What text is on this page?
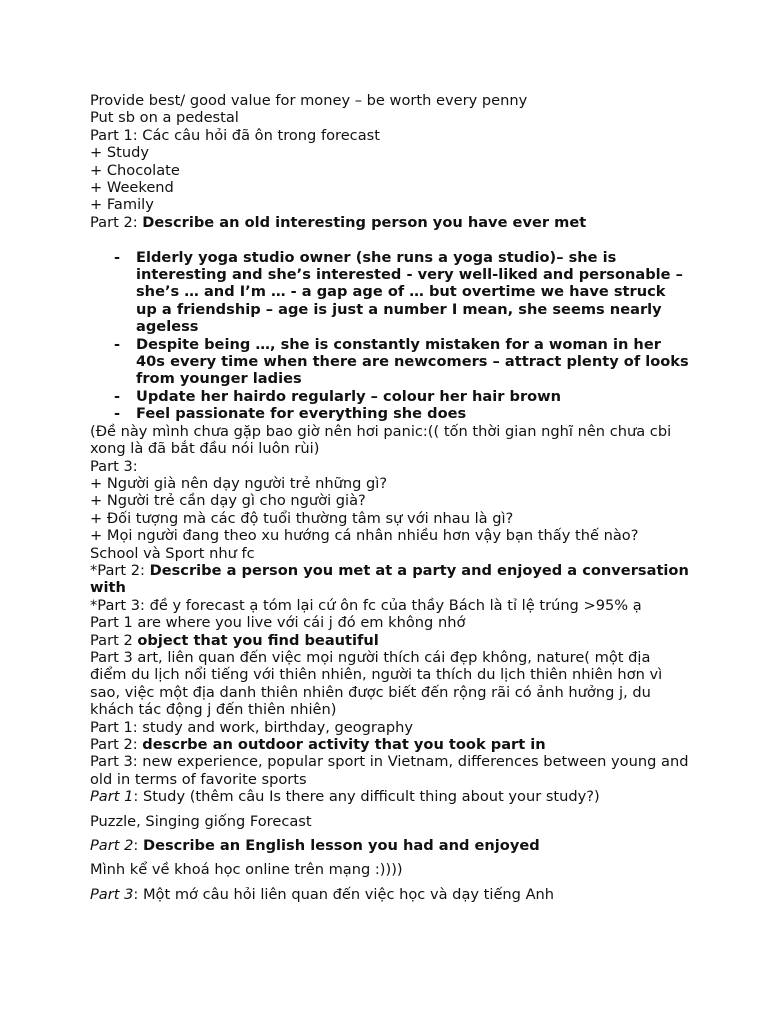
Provide best/ good value for money – be worth every penny
Put sb on a pedestal
Part 1: Các câu hỏi đã ôn trong forecast
+ Study
+ Chocolate
+ Weekend
+ Family
Part 2: Describe an old interesting person you have ever met
- Elderly yoga studio owner (she runs a yoga studio)– she is interesting and she’s interested - very well-liked and personable – she’s … and I’m … - a gap age of … but overtime we have struck up a friendship – age is just a number I mean, she seems nearly ageless
- Despite being …, she is constantly mistaken for a woman in her 40s every time when there are newcomers – attract plenty of looks from younger ladies
- Update her hairdo regularly – colour her hair brown
- Feel passionate for everything she does
(Đề này mình chưa gặp bao giờ nên hơi panic:(( tốn thời gian nghĩ nên chưa cbi xong là đã bắt đầu nói luôn rùi)
Part 3:
+ Người già nên dạy người trẻ những gì?
+ Người trẻ cần dạy gì cho người già?
+ Đối tượng mà các độ tuổi thường tâm sự với nhau là gì?
+ Mọi người đang theo xu hướng cá nhân nhiều hơn vậy bạn thấy thế nào?
School và Sport như fc
*Part 2: Describe a person you met at a party and enjoyed a conversation with
*Part 3: đề y forecast ạ tóm lại cứ ôn fc của thầy Bách là tỉ lệ trúng >95% ạ
Part 1 are where you live với cái j đó em không nhớ
Part 2 object that you find beautiful
Part 3 art, liên quan đến việc mọi người thích cái đẹp không, nature( một địa điểm du lịch nổi tiếng với thiên nhiên, người ta thích du lịch thiên nhiên hơn vì sao, việc một địa danh thiên nhiên được biết đến rộng rãi có ảnh hưởng j, du khách tác động j đến thiên nhiên)
Part 1: study and work, birthday, geography
Part 2: descrbe an outdoor activity that you took part in
Part 3: new experience, popular sport in Vietnam, differences between young and old in terms of favorite sports
Part 1: Study (thêm câu Is there any difficult thing about your study?)
Puzzle, Singing giống Forecast
Part 2: Describe an English lesson you had and enjoyed
Mình kể về khoá học online trên mạng :))))
Part 3: Một mớ câu hỏi liên quan đến việc học và dạy tiếng Anh
